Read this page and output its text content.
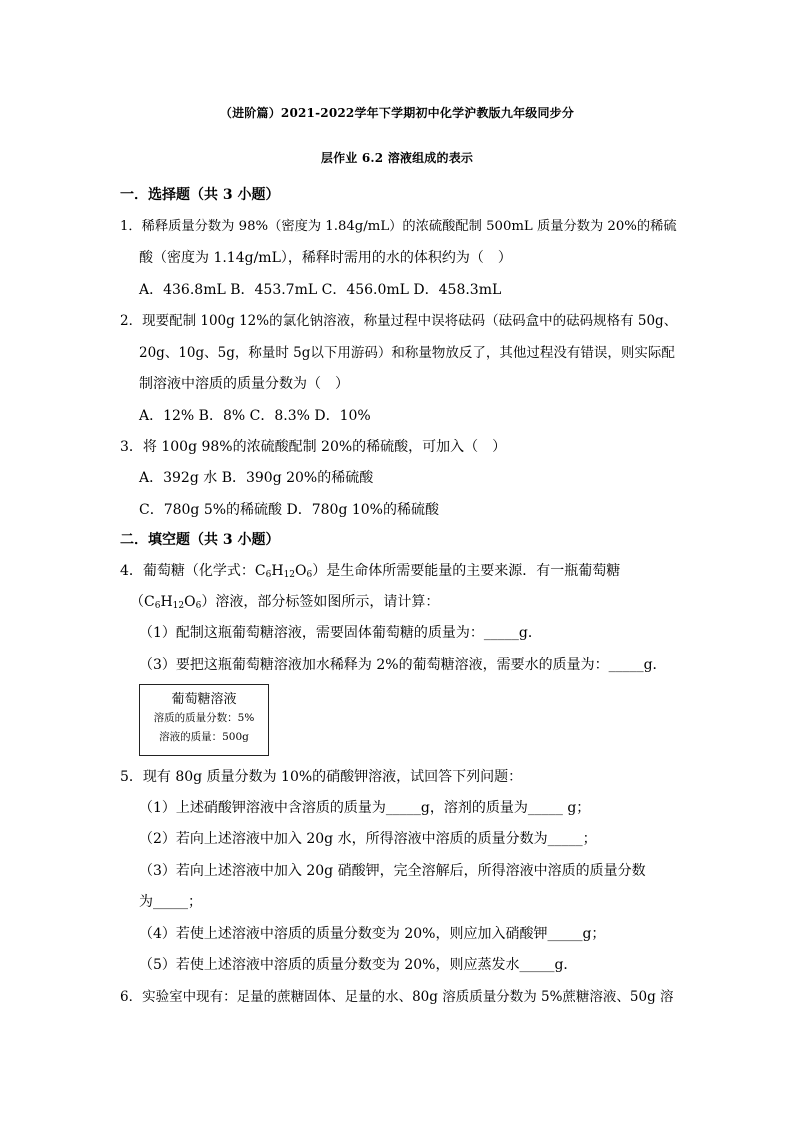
（进阶篇）2021-2022学年下学期初中化学沪教版九年级同步分
层作业 6.2 溶液组成的表示
一．选择题（共 3 小题）
1．稀释质量分数为 98%（密度为 1.84g/mL）的浓硫酸配制 500mL 质量分数为 20%的稀硫
酸（密度为 1.14g/mL），稀释时需用的水的体积约为（　）
A．436.8mL B．453.7mL C．456.0mL D．458.3mL
2．现要配制 100g 12%的氯化钠溶液，称量过程中误将砝码（砝码盒中的砝码规格有 50g、
20g、10g、5g，称量时 5g以下用游码）和称量物放反了，其他过程没有错误，则实际配
制溶液中溶质的质量分数为（　）
A．12% B．8% C．8.3% D．10%
3．将 100g 98%的浓硫酸配制 20%的稀硫酸，可加入（　）
A．392g 水 B．390g 20%的稀硫酸
C．780g 5%的稀硫酸 D．780g 10%的稀硫酸
二．填空题（共 3 小题）
4．葡萄糖（化学式：$C_6H_{12}O_6$）是生命体所需要能量的主要来源．有一瓶葡萄糖
$(C_6H_{12}O_6)$溶液，部分标签如图所示，请计算：
（1）配制这瓶葡萄糖溶液，需要固体葡萄糖的质量为：_____g．
（3）要把这瓶葡萄糖溶液加水稀释为 2%的葡萄糖溶液，需要水的质量为：_____g．
葡萄糖溶液
溶质的质量分数：5%
溶液的质量：500g
5．现有 80g 质量分数为 10%的硝酸钾溶液，试回答下列问题：
（1）上述硝酸钾溶液中含溶质的质量为_____g，溶剂的质量为_____ g；
（2）若向上述溶液中加入 20g 水，所得溶液中溶质的质量分数为_____；
（3）若向上述溶液中加入 20g 硝酸钾，完全溶解后，所得溶液中溶质的质量分数
为_____；
（4）若使上述溶液中溶质的质量分数变为 20%，则应加入硝酸钾_____g；
（5）若使上述溶液中溶质的质量分数变为 20%，则应蒸发水_____g．
6．实验室中现有：足量的蔗糖固体、足量的水、80g 溶质质量分数为 5%蔗糖溶液、50g 溶
